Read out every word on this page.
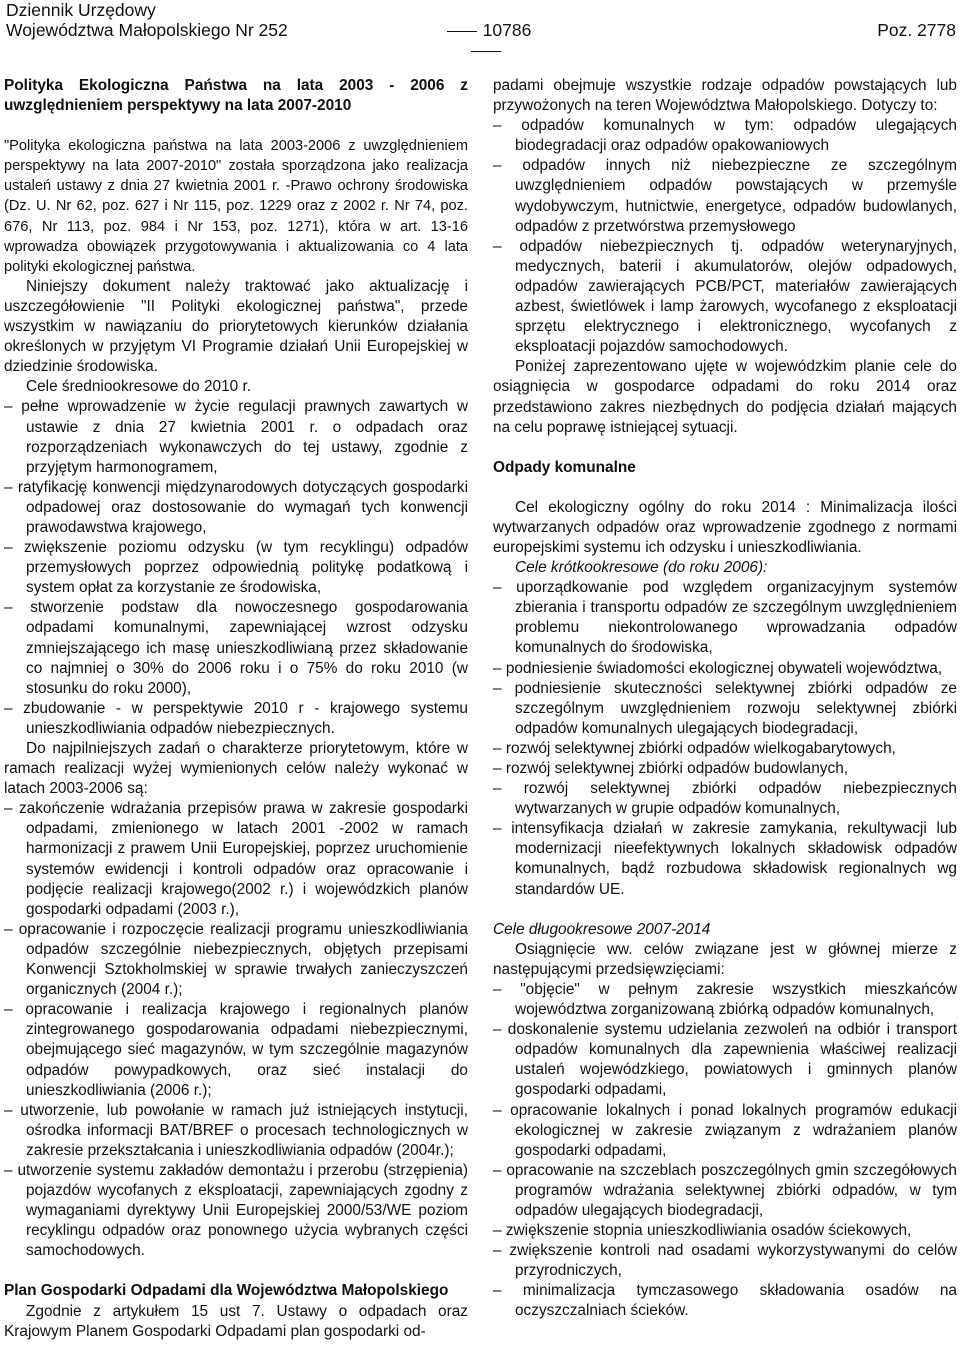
Dziennik Urzędowy
Województwa Małopolskiego Nr 252	10786	Poz. 2778

Polityka Ekologiczna Państwa na lata 2003 - 2006 z uwzględnieniem perspektywy na lata 2007-2010

"Polityka ekologiczna państwa na lata 2003-2006 z uwzględnieniem perspektywy na lata 2007-2010" została sporządzona jako realizacja ustaleń ustawy z dnia 27 kwietnia 2001 r. -Prawo ochrony środowiska (Dz. U. Nr 62, poz. 627 i Nr 115, poz. 1229 oraz z 2002 r. Nr 74, poz. 676, Nr 113, poz. 984 i Nr 153, poz. 1271), która w art. 13-16 wprowadza obowiązek przygotowywania i aktualizowania co 4 lata polityki ekologicznej państwa.

Niniejszy dokument należy traktować jako aktualizację i uszczegółowienie "II Polityki ekologicznej państwa", przede wszystkim w nawiązaniu do priorytetowych kierunków działania określonych w przyjętym VI Programie działań Unii Europejskiej w dziedzinie środowiska.

Cele średniookresowe do 2010 r.

– pełne wprowadzenie w życie regulacji prawnych zawartych w ustawie z dnia 27 kwietnia 2001 r. o odpadach oraz rozporządzeniach wykonawczych do tej ustawy, zgodnie z przyjętym harmonogramem,

– ratyfikację konwencji międzynarodowych dotyczących gospodarki odpadowej oraz dostosowanie do wymagań tych konwencji prawodawstwa krajowego,

– zwiększenie poziomu odzysku (w tym recyklingu) odpadów przemysłowych poprzez odpowiednią politykę podatkową i system opłat za korzystanie ze środowiska,

– stworzenie podstaw dla nowoczesnego gospodarowania odpadami komunalnymi, zapewniającej wzrost odzysku zmniejszającego ich masę unieszkodliwianą przez składowanie co najmniej o 30% do 2006 roku i o 75% do roku 2010 (w stosunku do roku 2000),

– zbudowanie - w perspektywie 2010 r - krajowego systemu unieszkodliwiania odpadów niebezpiecznych.

Do najpilniejszych zadań o charakterze priorytetowym, które w ramach realizacji wyżej wymienionych celów należy wykonać w latach 2003-2006 są:

– zakończenie wdrażania przepisów prawa w zakresie gospodarki odpadami, zmienionego w latach 2001 -2002 w ramach harmonizacji z prawem Unii Europejskiej, poprzez uruchomienie systemów ewidencji i kontroli odpadów oraz opracowanie i podjęcie realizacji krajowego(2002 r.) i wojewódzkich planów gospodarki odpadami (2003 r.),

– opracowanie i rozpoczęcie realizacji programu unieszkodliwiania odpadów szczególnie niebezpiecznych, objętych przepisami Konwencji Sztokholmskiej w sprawie trwałych zanieczyszczeń organicznych (2004 r.);

– opracowanie i realizacja krajowego i regionalnych planów zintegrowanego gospodarowania odpadami niebezpiecznymi, obejmującego sieć magazynów, w tym szczególnie magazynów odpadów powypadkowych, oraz sieć instalacji do unieszkodliwiania (2006 r.);

– utworzenie, lub powołanie w ramach już istniejących instytucji, ośrodka informacji BAT/BREF o procesach technologicznych w zakresie przekształcania i unieszkodliwiania odpadów (2004r.);

– utworzenie systemu zakładów demontażu i przerobu (strzępienia) pojazdów wycofanych z eksploatacji, zapewniających zgodny z wymaganiami dyrektywy Unii Europejskiej 2000/53/WE poziom recyklingu odpadów oraz ponownego użycia wybranych części samochodowych.

Plan Gospodarki Odpadami dla Województwa Małopolskiego

Zgodnie z artykułem 15 ust 7. Ustawy o odpadach oraz Krajowym Planem Gospodarki Odpadami plan gospodarki od-

padami obejmuje wszystkie rodzaje odpadów powstających lub przywożonych na teren Województwa Małopolskiego. Dotyczy to:

– odpadów komunalnych w tym: odpadów ulegających biodegradacji oraz odpadów opakowaniowych

– odpadów innych niż niebezpieczne ze szczególnym uwzględnieniem odpadów powstających w przemyśle wydobywczym, hutnictwie, energetyce, odpadów budowlanych, odpadów z przetwórstwa przemysłowego

– odpadów niebezpiecznych tj. odpadów weterynaryjnych, medycznych, baterii i akumulatorów, olejów odpadowych, odpadów zawierających PCB/PCT, materiałów zawierających azbest, świetlówek i lamp żarowych, wycofanego z eksploatacji sprzętu elektrycznego i elektronicznego, wycofanych z eksploatacji pojazdów samochodowych.

Poniżej zaprezentowano ujęte w wojewódzkim planie cele do osiągnięcia w gospodarce odpadami do roku 2014 oraz przedstawiono zakres niezbędnych do podjęcia działań mających na celu poprawę istniejącej sytuacji.

Odpady komunalne

Cel ekologiczny ogólny do roku 2014 : Minimalizacja ilości wytwarzanych odpadów oraz wprowadzenie zgodnego z normami europejskimi systemu ich odzysku i unieszkodliwiania.

Cele krótkookresowe (do roku 2006):

– uporządkowanie pod względem organizacyjnym systemów zbierania i transportu odpadów ze szczególnym uwzględnieniem problemu niekontrolowanego wprowadzania odpadów komunalnych do środowiska,

– podniesienie świadomości ekologicznej obywateli województwa,

– podniesienie skuteczności selektywnej zbiórki odpadów ze szczególnym uwzględnieniem rozwoju selektywnej zbiórki odpadów komunalnych ulegających biodegradacji,

– rozwój selektywnej zbiórki odpadów wielkogabarytowych,

– rozwój selektywnej zbiórki odpadów budowlanych,

– rozwój selektywnej zbiórki odpadów niebezpiecznych wytwarzanych w grupie odpadów komunalnych,

– intensyfikacja działań w zakresie zamykania, rekultywacji lub modernizacji nieefektywnych lokalnych składowisk odpadów komunalnych, bądź rozbudowa składowisk regionalnych wg standardów UE.

Cele długookresowe 2007-2014

Osiągnięcie ww. celów związane jest w głównej mierze z następującymi przedsięwzięciami:

– "objęcie" w pełnym zakresie wszystkich mieszkańców województwa zorganizowaną zbiórką odpadów komunalnych,

– doskonalenie systemu udzielania zezwoleń na odbiór i transport odpadów komunalnych dla zapewnienia właściwej realizacji ustaleń wojewódzkiego, powiatowych i gminnych planów gospodarki odpadami,

– opracowanie lokalnych i ponad lokalnych programów edukacji ekologicznej w zakresie związanym z wdrażaniem planów gospodarki odpadami,

– opracowanie na szczeblach poszczególnych gmin szczegółowych programów wdrażania selektywnej zbiórki odpadów, w tym odpadów ulegających biodegradacji,

– zwiększenie stopnia unieszkodliwiania osadów ściekowych,

– zwiększenie kontroli nad osadami wykorzystywanymi do celów przyrodniczych,

– minimalizacja tymczasowego składowania osadów na oczyszczalniach ścieków.
